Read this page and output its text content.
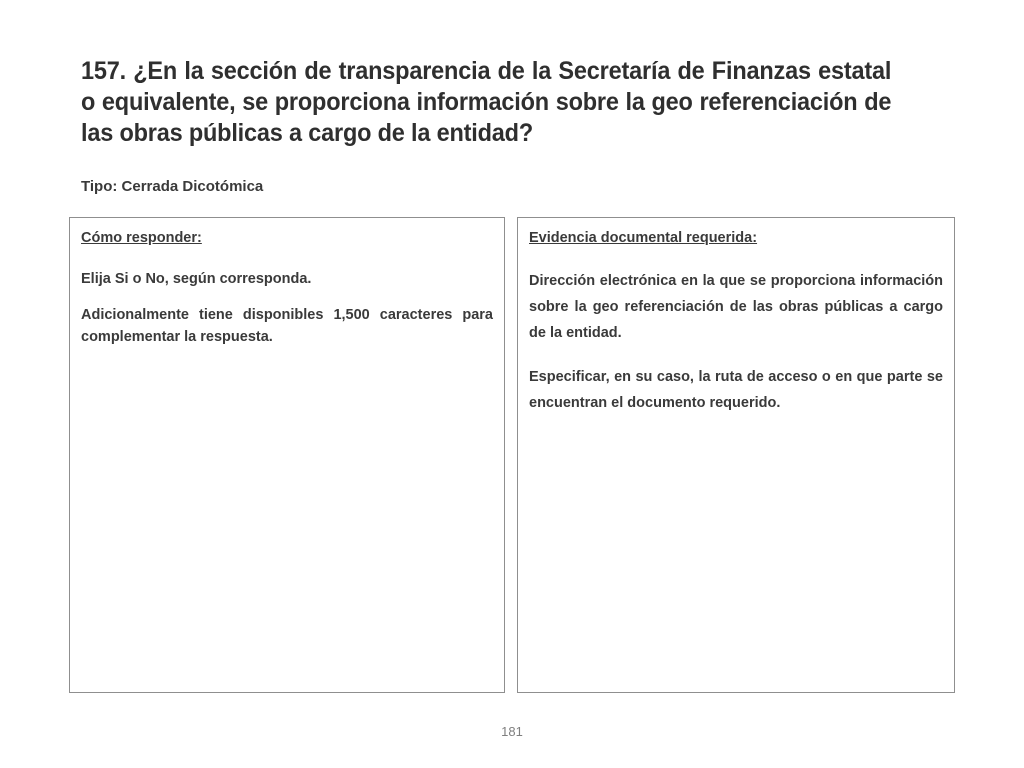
157. ¿En la sección de transparencia de la Secretaría de Finanzas estatal o equivalente, se proporciona información sobre la geo referenciación de las obras públicas a cargo de la entidad?

Tipo: Cerrada Dicotómica

Cómo responder:

Elija Si o No, según corresponda.

Adicionalmente tiene disponibles 1,500 caracteres para complementar la respuesta.

Evidencia documental requerida:

Dirección electrónica en la que se proporciona información sobre la geo referenciación de las obras públicas a cargo de la entidad.

Especificar, en su caso, la ruta de acceso o en que parte se encuentran el documento requerido.

181
